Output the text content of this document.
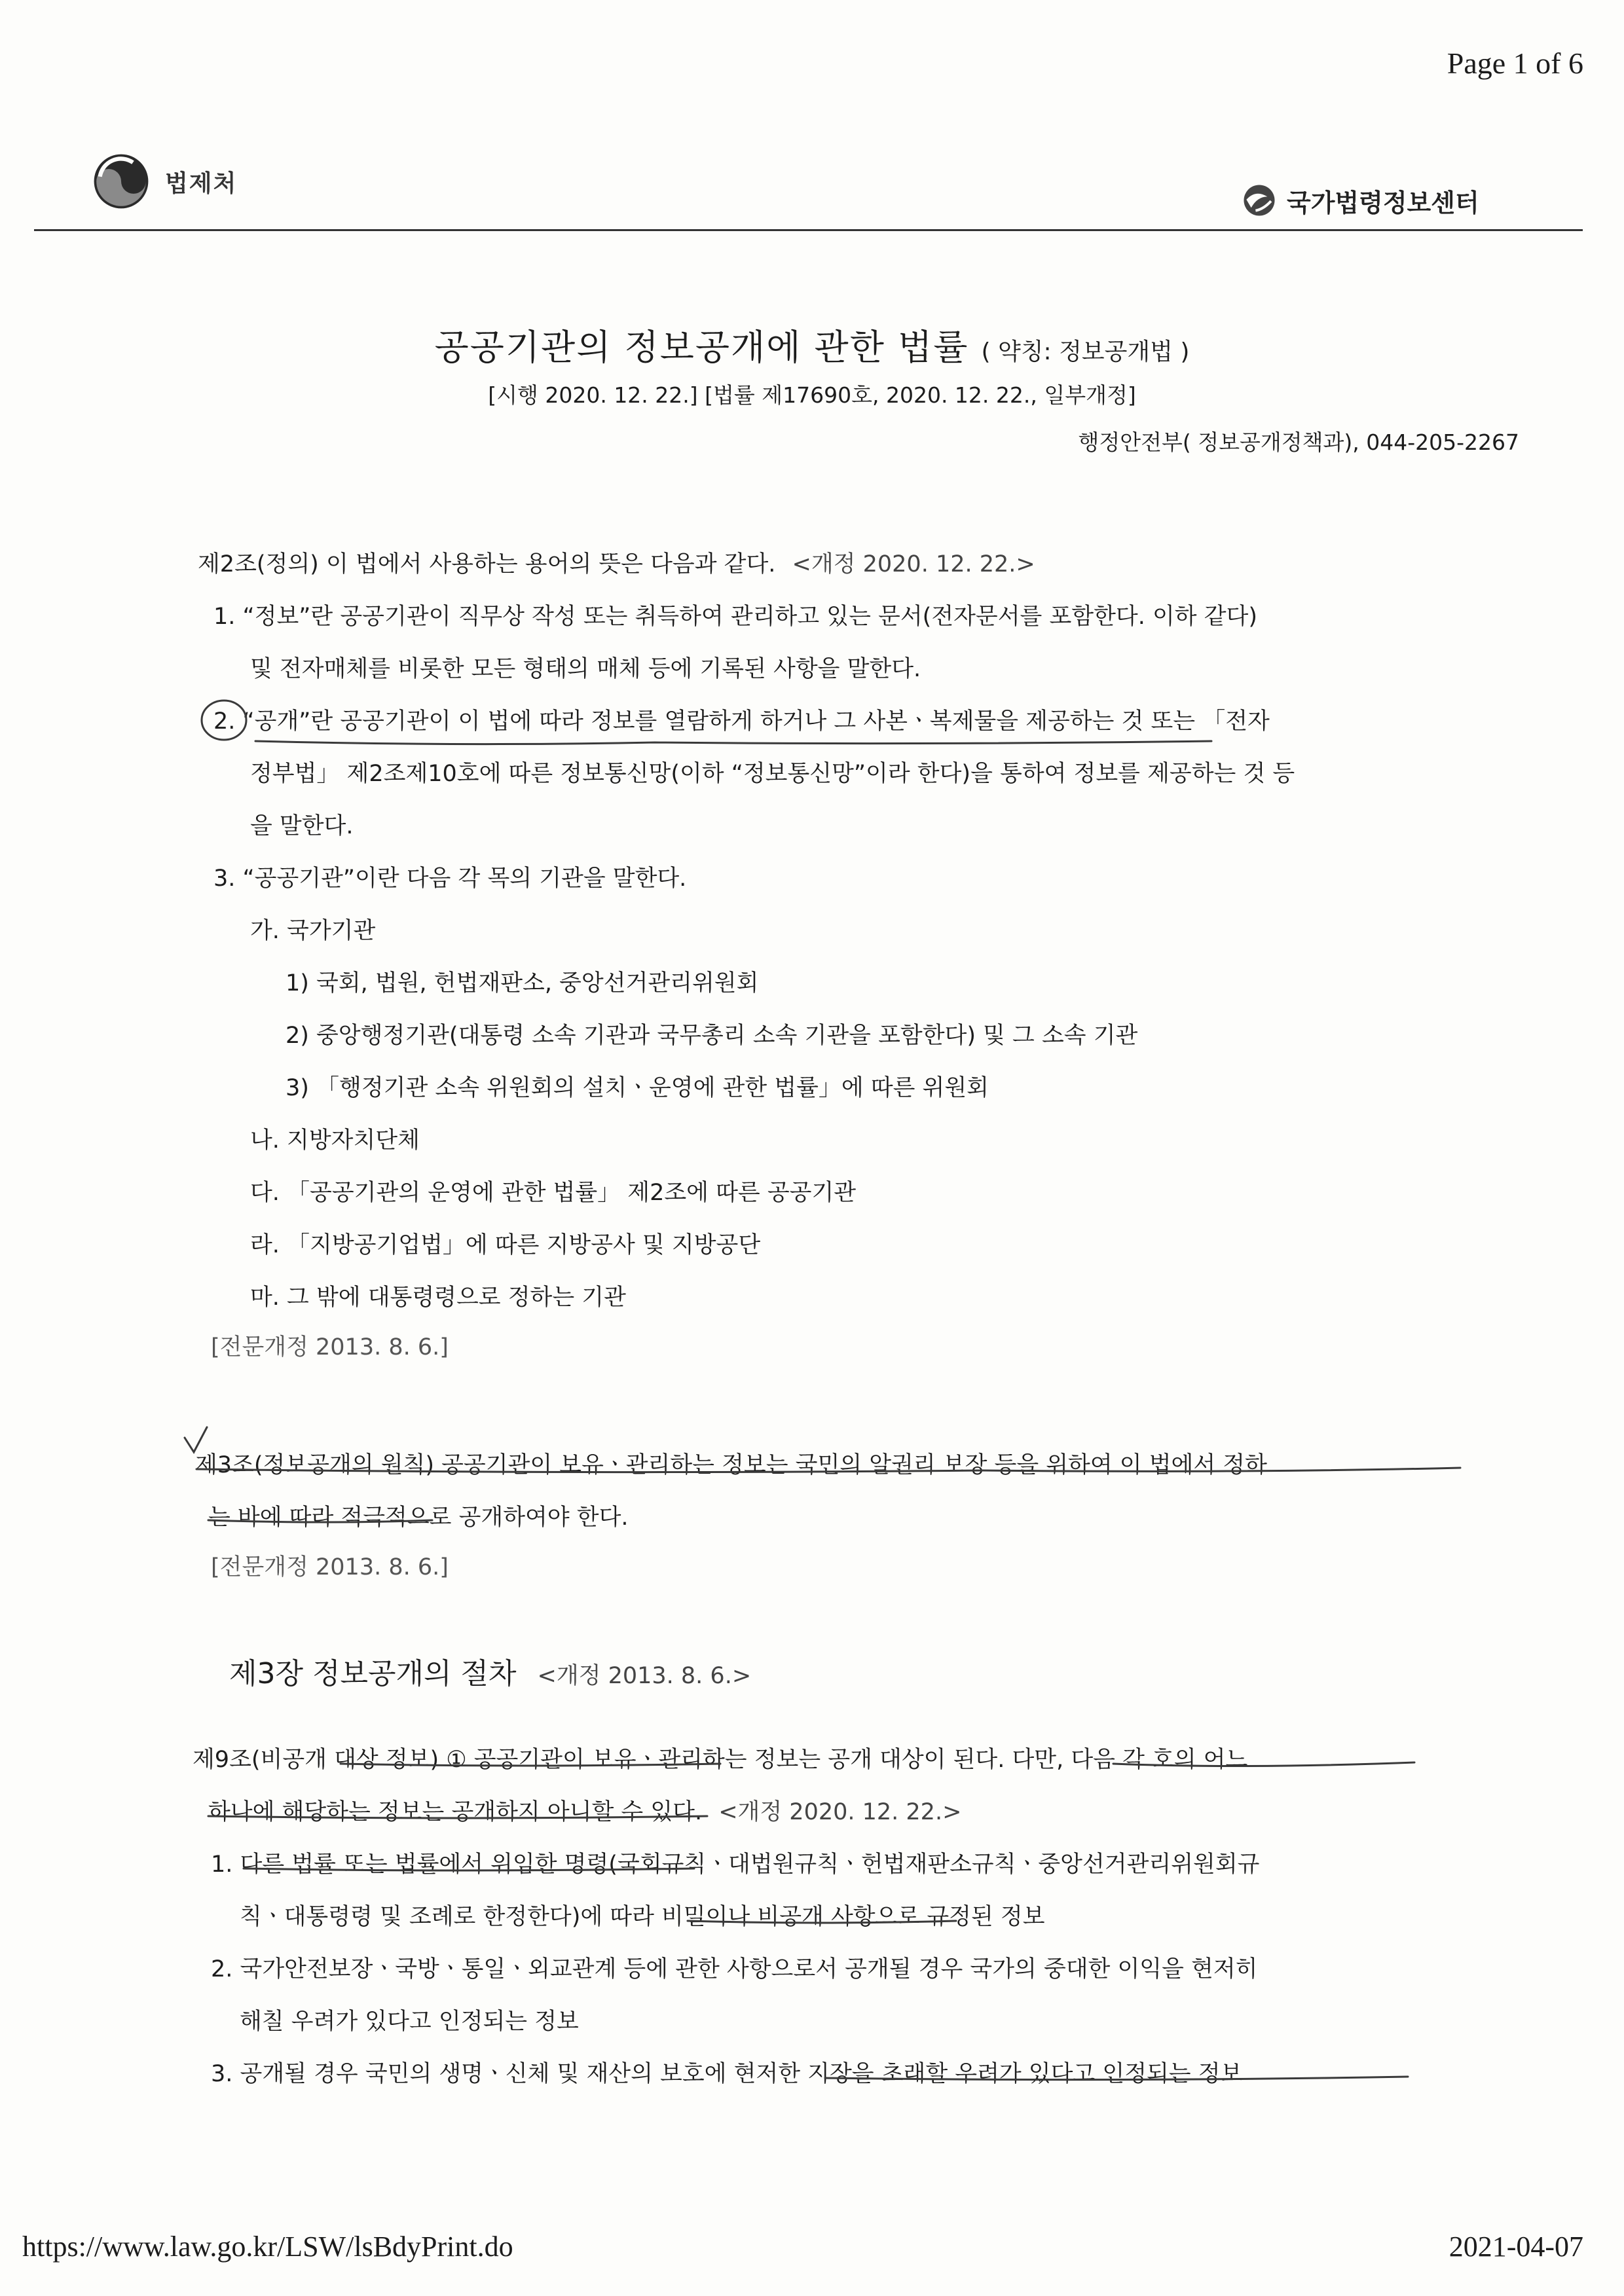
Page 1 of 6
법제처
국가법령정보센터
공공기관의 정보공개에 관한 법률 ( 약칭: 정보공개법 )
[시행 2020. 12. 22.] [법률 제17690호, 2020. 12. 22., 일부개정]
행정안전부( 정보공개정책과), 044-205-2267
제2조(정의) 이 법에서 사용하는 용어의 뜻은 다음과 같다. <개정 2020. 12. 22.>
1. “정보”란 공공기관이 직무상 작성 또는 취득하여 관리하고 있는 문서(전자문서를 포함한다. 이하 같다)
및 전자매체를 비롯한 모든 형태의 매체 등에 기록된 사항을 말한다.
2. “공개”란 공공기관이 이 법에 따라 정보를 열람하게 하거나 그 사본ㆍ복제물을 제공하는 것 또는 「전자
정부법」 제2조제10호에 따른 정보통신망(이하 “정보통신망”이라 한다)을 통하여 정보를 제공하는 것 등
을 말한다.
3. “공공기관”이란 다음 각 목의 기관을 말한다.
가. 국가기관
1) 국회, 법원, 헌법재판소, 중앙선거관리위원회
2) 중앙행정기관(대통령 소속 기관과 국무총리 소속 기관을 포함한다) 및 그 소속 기관
3) 「행정기관 소속 위원회의 설치ㆍ운영에 관한 법률」에 따른 위원회
나. 지방자치단체
다. 「공공기관의 운영에 관한 법률」 제2조에 따른 공공기관
라. 「지방공기업법」에 따른 지방공사 및 지방공단
마. 그 밖에 대통령령으로 정하는 기관
[전문개정 2013. 8. 6.]
제3조(정보공개의 원칙) 공공기관이 보유ㆍ관리하는 정보는 국민의 알권리 보장 등을 위하여 이 법에서 정하
는 바에 따라 적극적으로 공개하여야 한다.
[전문개정 2013. 8. 6.]
제3장 정보공개의 절차 <개정 2013. 8. 6.>
제9조(비공개 대상 정보) ① 공공기관이 보유ㆍ관리하는 정보는 공개 대상이 된다. 다만, 다음 각 호의 어느
하나에 해당하는 정보는 공개하지 아니할 수 있다. <개정 2020. 12. 22.>
1. 다른 법률 또는 법률에서 위임한 명령(국회규칙ㆍ대법원규칙ㆍ헌법재판소규칙ㆍ중앙선거관리위원회규
칙ㆍ대통령령 및 조례로 한정한다)에 따라 비밀이나 비공개 사항으로 규정된 정보
2. 국가안전보장ㆍ국방ㆍ통일ㆍ외교관계 등에 관한 사항으로서 공개될 경우 국가의 중대한 이익을 현저히
해칠 우려가 있다고 인정되는 정보
3. 공개될 경우 국민의 생명ㆍ신체 및 재산의 보호에 현저한 지장을 초래할 우려가 있다고 인정되는 정보
https://www.law.go.kr/LSW/lsBdyPrint.do	2021-04-07
